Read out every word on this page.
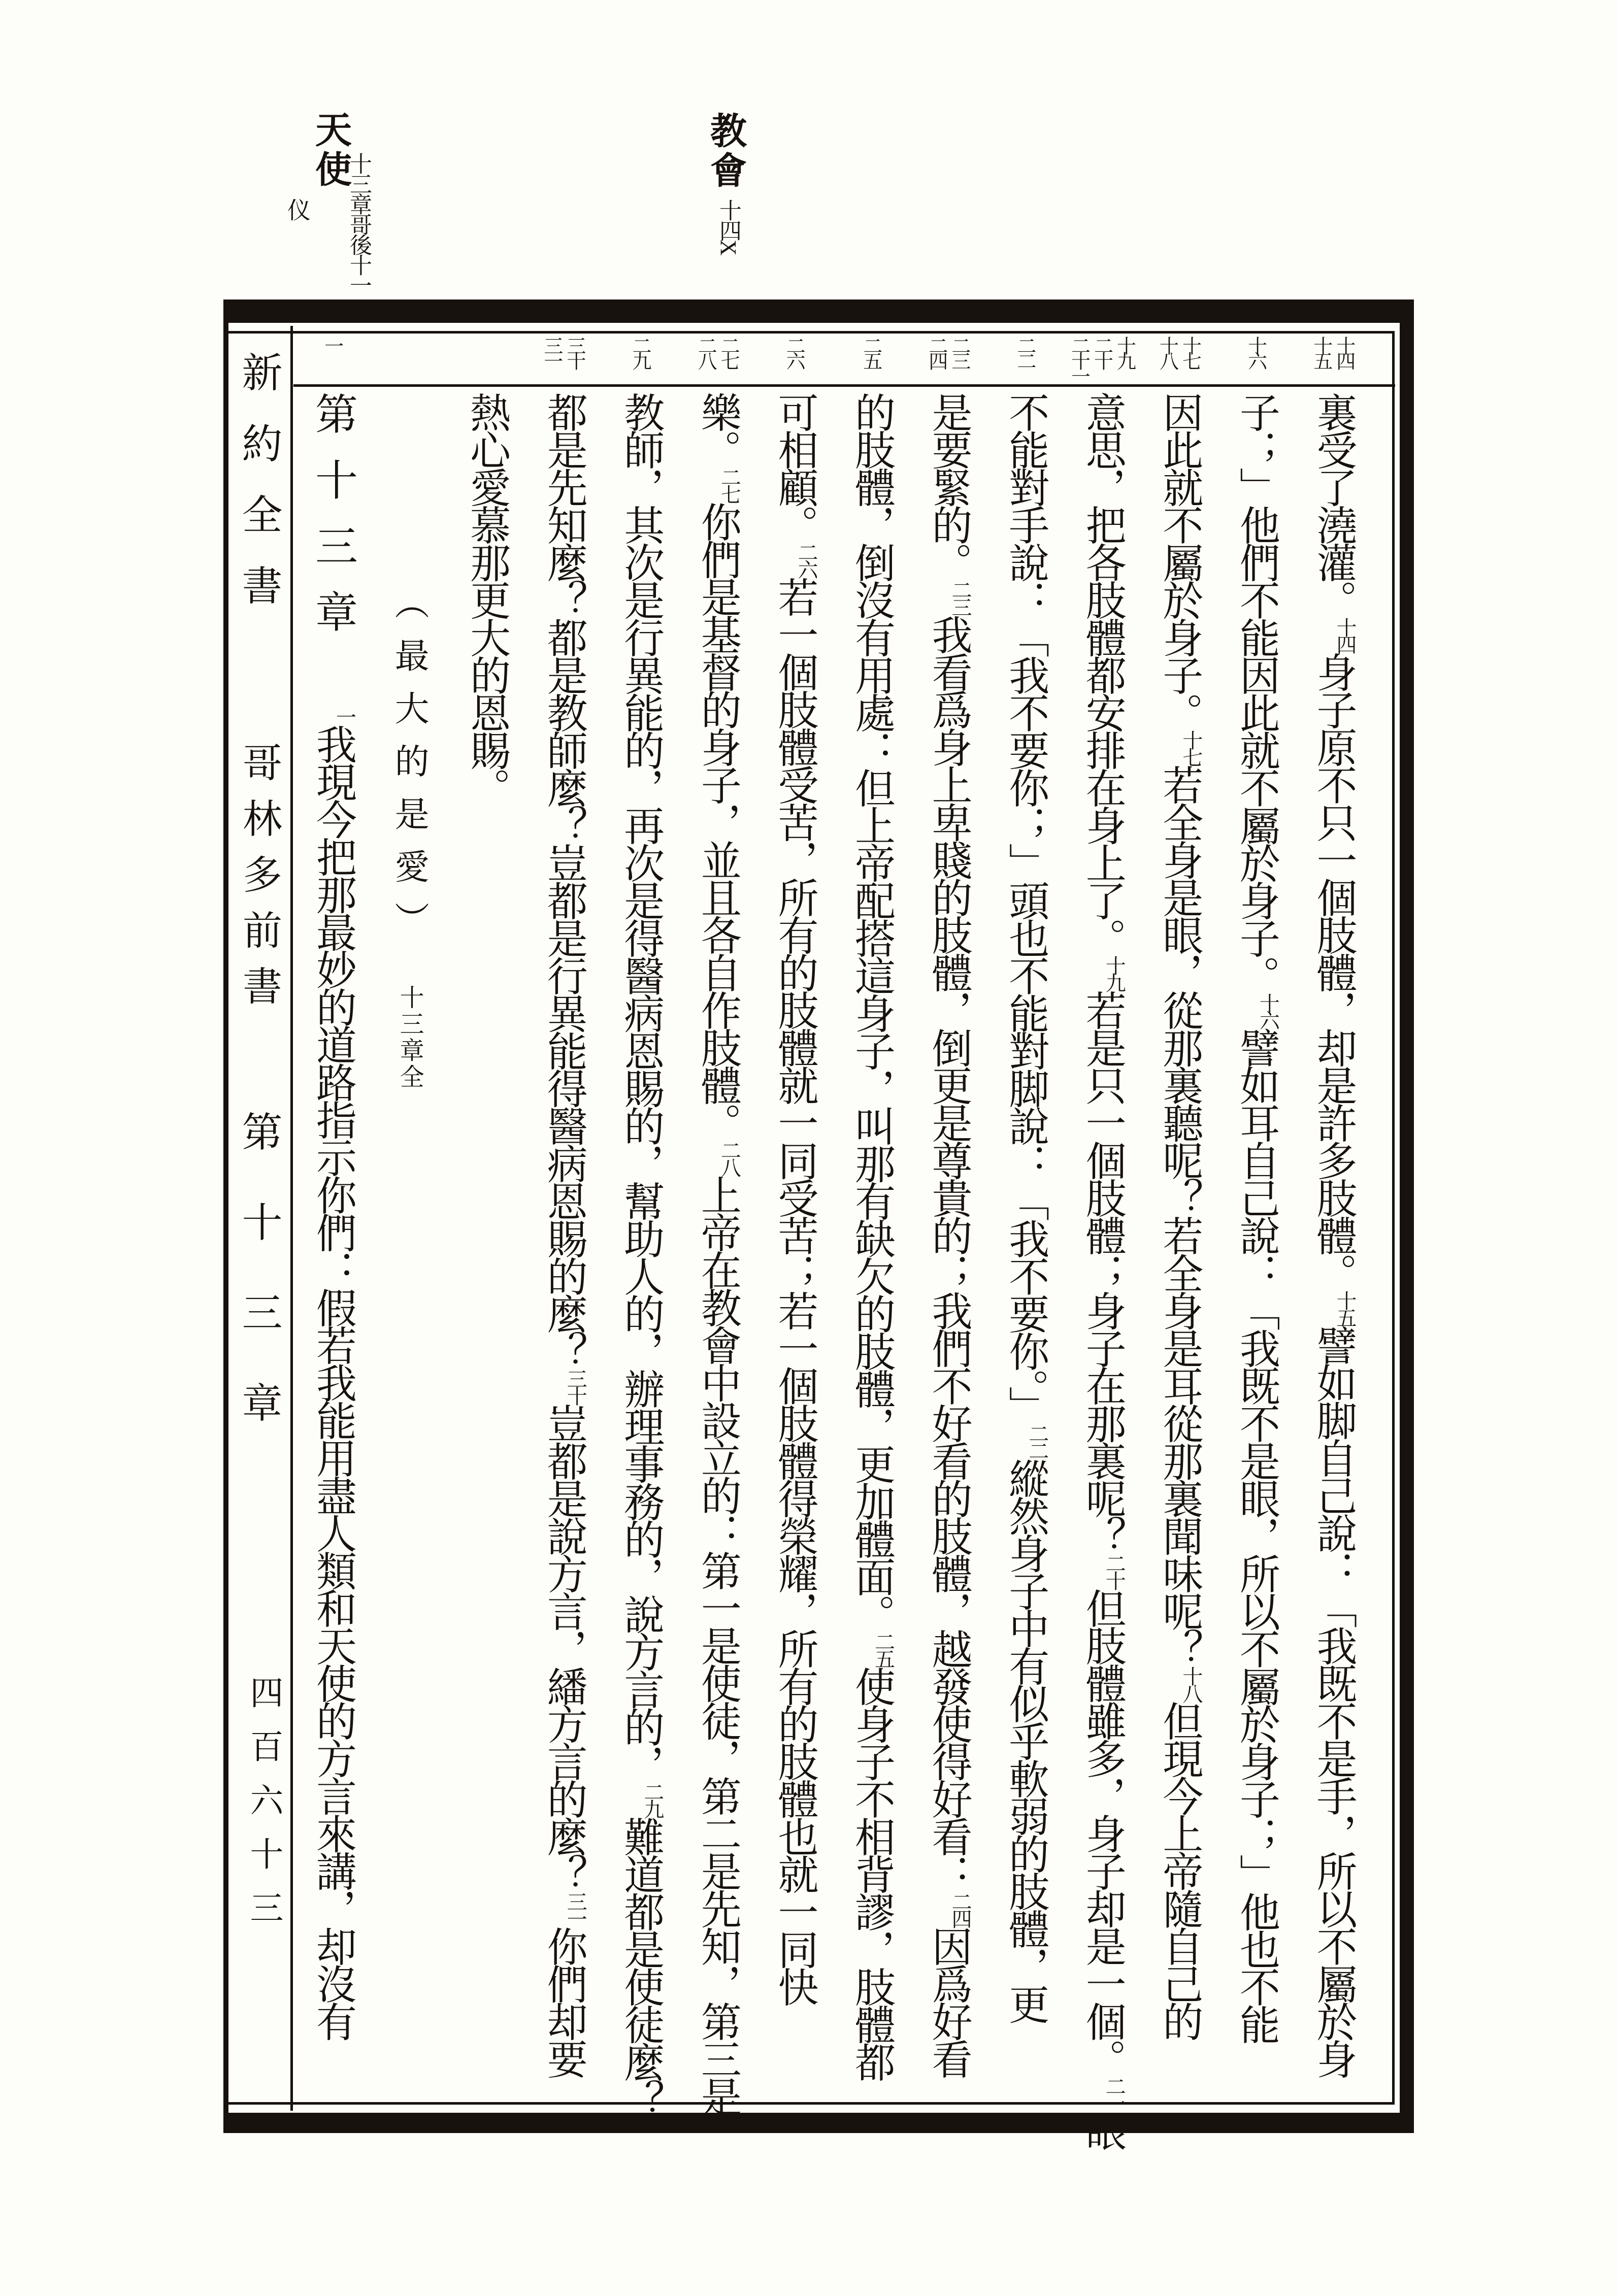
天使
十三章哥後十一
仪
教會
十四X
新約全書
哥林多前書
第十三章
四百六十三
十四
十五
十六
十七
十八
十九
二十
二十一
二二
二三
二四
二五
二六
二七
二八
二九
三十
三一
一
裏受了澆灌。十四身子原不只一個肢體，却是許多肢體。十五譬如脚自己說：「我既不是手，所以不屬於身
子；」他們不能因此就不屬於身子。十六譬如耳自己說：「我既不是眼，所以不屬於身子；」他也不能
因此就不屬於身子。十七若全身是眼，從那裏聽呢？若全身是耳從那裏聞味呢？十八但現今上帝隨自己的
意思，把各肢體都安排在身上了。十九若是只一個肢體；身子在那裏呢？二十但肢體雖多，身子却是一個。二一眼
不能對手說：「我不要你；」頭也不能對脚說：「我不要你。」二二縱然身子中有似乎軟弱的肢體，更
是要緊的。二三我看爲身上卑賤的肢體，倒更是尊貴的；我們不好看的肢體，越發使得好看：二四因爲好看
的肢體，倒沒有用處：但上帝配搭這身子，叫那有缺欠的肢體，更加體面。二五使身子不相背謬，肢體都
可相顧。二六若一個肢體受苦，所有的肢體就一同受苦；若一個肢體得榮耀，所有的肢體也就一同快
樂。二七你們是基督的身子，並且各自作肢體。二八上帝在教會中設立的：第一是使徒，第二是先知，第三是
教師，其次是行異能的，再次是得醫病恩賜的，幫助人的，辦理事務的，說方言的，二九難道都是使徒麼？
都是先知麼？都是教師麼？豈都是行異能得醫病恩賜的麼？三十豈都是說方言，繙方言的麼？三一你們却要
熱心愛慕那更大的恩賜。
（最大的是愛）十三章全
第十三章一我現今把那最妙的道路指示你們：假若我能用盡人類和天使的方言來講，却沒有
